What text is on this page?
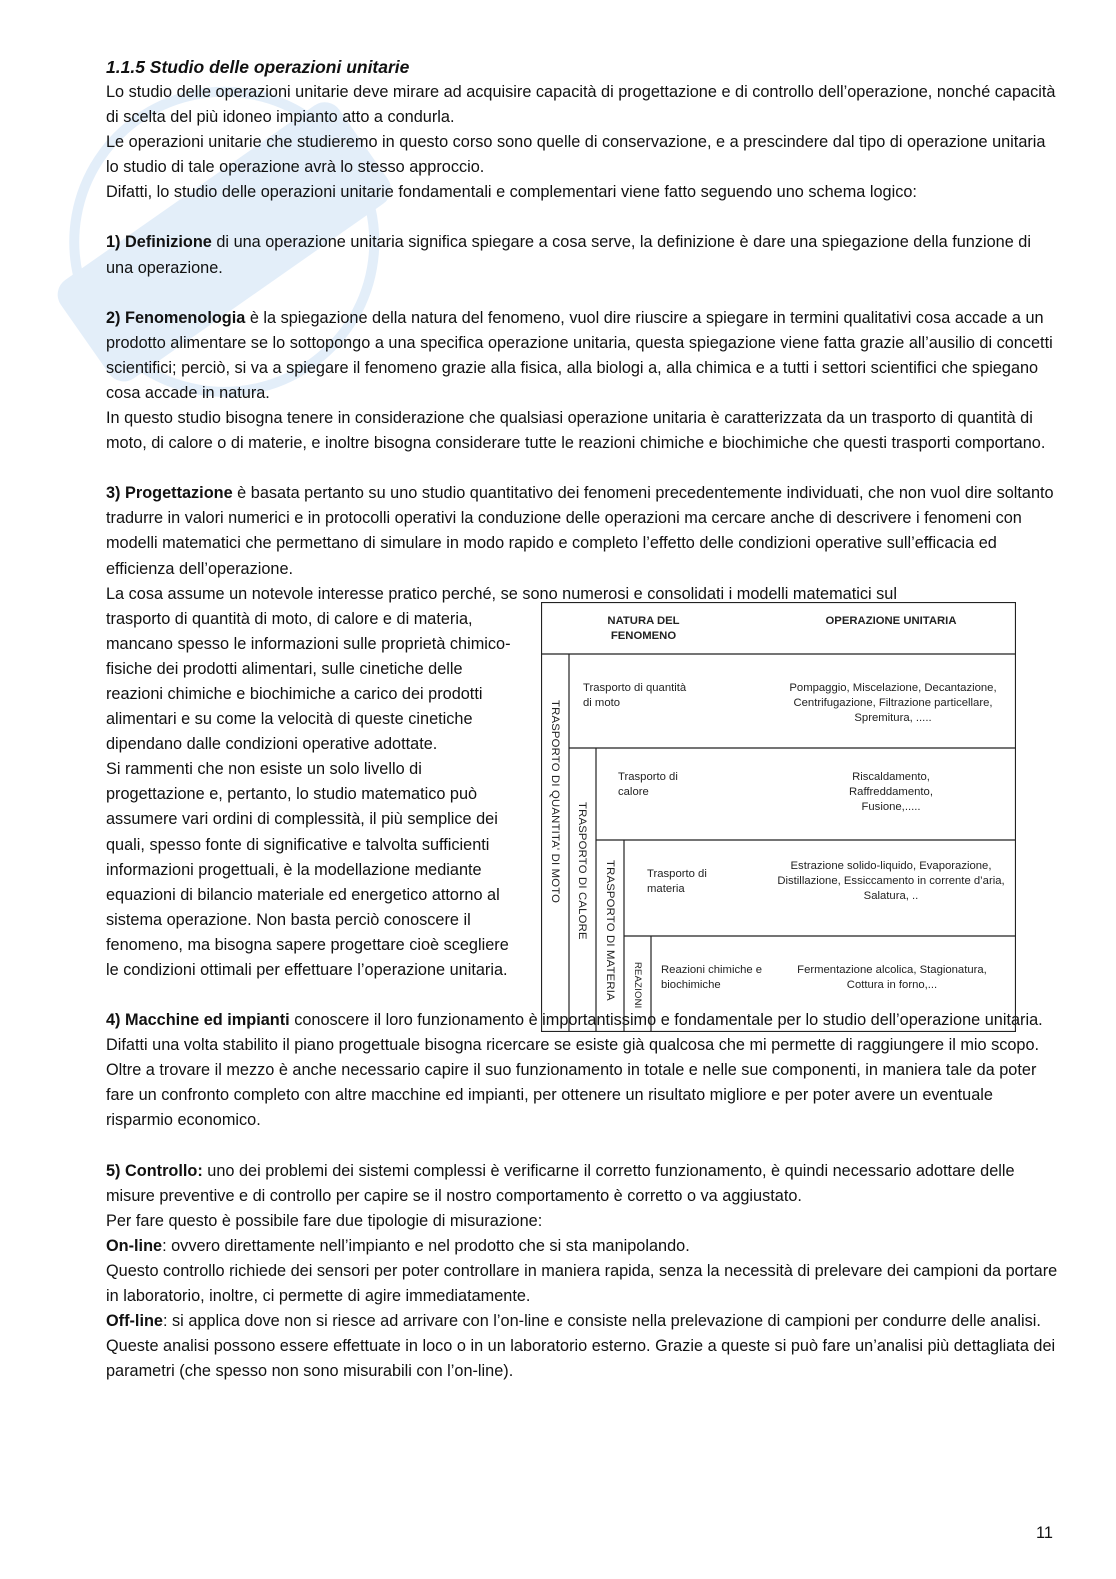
1.1.5 Studio delle operazioni unitarie

Lo studio delle operazioni unitarie deve mirare ad acquisire capacità di progettazione e di controllo dell’operazione, nonché capacità di scelta del più idoneo impianto atto a condurla.

Le operazioni unitarie che studieremo in questo corso sono quelle di conservazione, e a prescindere dal tipo di operazione unitaria lo studio di tale operazione avrà lo stesso approccio.

Difatti, lo studio delle operazioni unitarie fondamentali e complementari viene fatto seguendo uno schema logico:

1) Definizione di una operazione unitaria significa spiegare a cosa serve, la definizione è dare una spiegazione della funzione di una operazione.

2) Fenomenologia è la spiegazione della natura del fenomeno, vuol dire riuscire a spiegare in termini qualitativi cosa accade a un prodotto alimentare se lo sottopongo a una specifica operazione unitaria, questa spiegazione viene fatta grazie all’ausilio di concetti scientifici; perciò, si va a spiegare il fenomeno grazie alla fisica, alla biologi a, alla chimica e a tutti i settori scientifici che spiegano cosa accade in natura.

In questo studio bisogna tenere in considerazione che qualsiasi operazione unitaria è caratterizzata da un trasporto di quantità di moto, di calore o di materie, e inoltre bisogna considerare tutte le reazioni chimiche e biochimiche che questi trasporti comportano.

3) Progettazione è basata pertanto su uno studio quantitativo dei fenomeni precedentemente individuati, che non vuol dire soltanto tradurre in valori numerici e in protocolli operativi la conduzione delle operazioni ma cercare anche di descrivere i fenomeni con modelli matematici che permettano di simulare in modo rapido e completo l’effetto delle condizioni operative sull’efficacia ed efficienza dell’operazione.

La cosa assume un notevole interesse pratico perché, se sono numerosi e consolidati i modelli matematici sul

trasporto di quantità di moto, di calore e di materia, mancano spesso le informazioni sulle proprietà chimico-fisiche dei prodotti alimentari, sulle cinetiche delle reazioni chimiche e biochimiche a carico dei prodotti alimentari e su come la velocità di queste cinetiche dipendano dalle condizioni operative adottate.

Si rammenti che non esiste un solo livello di progettazione e, pertanto, lo studio matematico può assumere vari ordini di complessità, il più semplice dei quali, spesso fonte di significative e talvolta sufficienti informazioni progettuali, è la modellazione mediante equazioni di bilancio materiale ed energetico attorno al sistema operazione. Non basta perciò conoscere il fenomeno, ma bisogna sapere progettare cioè scegliere le condizioni ottimali per effettuare l’operazione unitaria.

NATURA DEL FENOMENO
OPERAZIONE UNITARIA
TRASPORTO DI QUANTITA' DI MOTO TRASPORTO DI CALORE TRASPORTO DI MATERIA REAZIONI
Trasporto di quantità di moto
Pompaggio, Miscelazione, Decantazione, Centrifugazione, Filtrazione particellare, Spremitura, .....
Trasporto di calore
Riscaldamento, Raffreddamento, Fusione,.....
Trasporto di materia
Estrazione solido-liquido, Evaporazione, Distillazione, Essiccamento in corrente d’aria, Salatura, ..
Reazioni chimiche e biochimiche
Fermentazione alcolica, Stagionatura, Cottura in forno,...

4) Macchine ed impianti conoscere il loro funzionamento è importantissimo e fondamentale per lo studio dell’operazione unitaria. Difatti una volta stabilito il piano progettuale bisogna ricercare se esiste già qualcosa che mi permette di raggiungere il mio scopo.

Oltre a trovare il mezzo è anche necessario capire il suo funzionamento in totale e nelle sue componenti, in maniera tale da poter fare un confronto completo con altre macchine ed impianti, per ottenere un risultato migliore e per poter avere un eventuale risparmio economico.

5) Controllo: uno dei problemi dei sistemi complessi è verificarne il corretto funzionamento, è quindi necessario adottare delle misure preventive e di controllo per capire se il nostro comportamento è corretto o va aggiustato.

Per fare questo è possibile fare due tipologie di misurazione:

On-line: ovvero direttamente nell’impianto e nel prodotto che si sta manipolando.

Questo controllo richiede dei sensori per poter controllare in maniera rapida, senza la necessità di prelevare dei campioni da portare in laboratorio, inoltre, ci permette di agire immediatamente.

Off-line: si applica dove non si riesce ad arrivare con l’on-line e consiste nella prelevazione di campioni per condurre delle analisi. Queste analisi possono essere effettuate in loco o in un laboratorio esterno. Grazie a queste si può fare un’analisi più dettagliata dei parametri (che spesso non sono misurabili con l’on-line).

11
